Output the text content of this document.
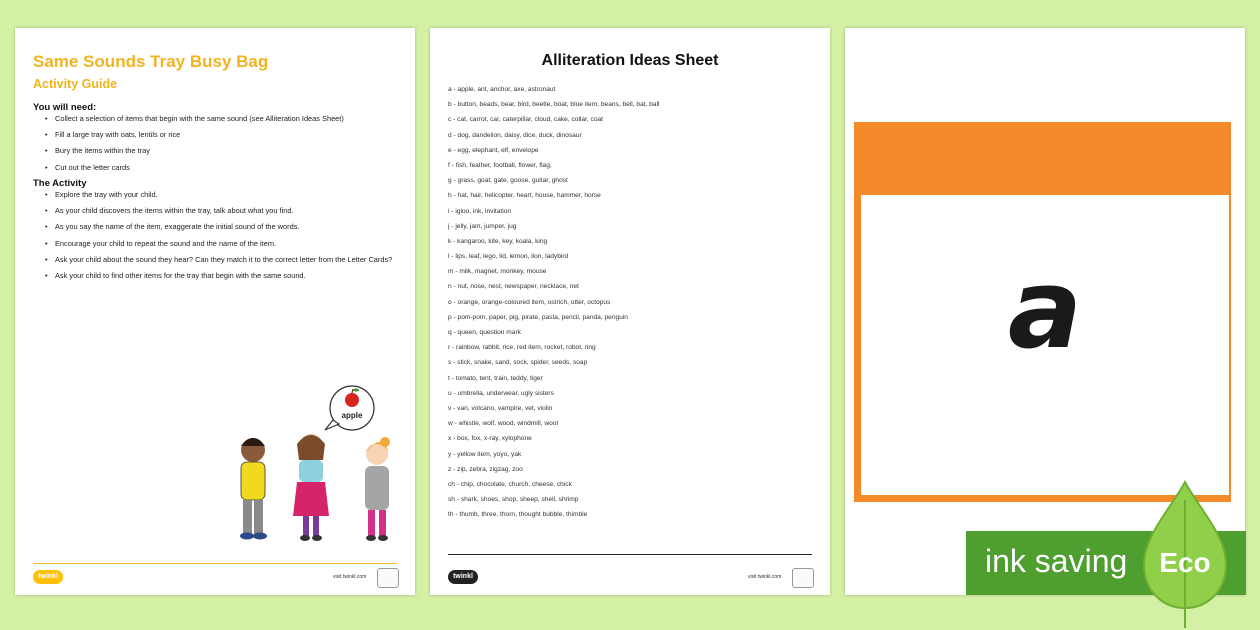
Same Sounds Tray Busy Bag
Activity Guide
You will need:
• Collect a selection of items that begin with the same sound (see Alliteration Ideas Sheet)
• Fill a large tray with oats, lentils or rice
• Bury the items within the tray
• Cut out the letter cards
The Activity
• Explore the tray with your child.
• As your child discovers the items within the tray, talk about what you find.
• As you say the name of the item, exaggerate the initial sound of the words.
• Encourage your child to repeat the sound and the name of the item.
• Ask your child about the sound they hear? Can they match it to the correct letter from the Letter Cards?
• Ask your child to find other items for the tray that begin with the same sound.
apple
twinkl	visit twinkl.com
Alliteration Ideas Sheet
a - apple, ant, anchor, axe, astronaut
b - button, beads, bear, bird, beetle, boat, blue item, beans, bell, bat, ball
c - cat, carrot, car, caterpillar, cloud, cake, collar, coat
d - dog, dandelion, daisy, dice, duck, dinosaur
e - egg, elephant, elf, envelope
f - fish, feather, football, flower, flag,
g - grass, goat, gate, goose, guitar, ghost
h - hat, hair, helicopter, heart, house, hammer, horse
i - igloo, ink, invitation
j - jelly, jam, jumper, jug
k - kangaroo, kite, key, koala, king
l - lips, leaf, lego, lid, lemon, lion, ladybird
m - milk, magnet, monkey, mouse
n - nut, nose, nest, newspaper, necklace, net
o - orange, orange-coloured item, ostrich, otter, octopus
p - pom-pom, paper, pig, pirate, pasta, pencil, panda, penguin
q - queen, question mark
r - rainbow, rabbit, rice, red item, rocket, robot, ring
s - stick, snake, sand, sock, spider, seeds, soap
t - tomato, tent, train, teddy, tiger
u - umbrella, underwear, ugly sisters
v - van, volcano, vampire, vet, violin
w - whistle, wolf, wood, windmill, wool
x - box, fox, x-ray, xylophone
y - yellow item, yoyo, yak
z - zip, zebra, zigzag, zoo
ch - chip, chocolate, church, cheese, chick
sh - shark, shoes, shop, sheep, shell, shrimp
th - thumb, three, thorn, thought bubble, thimble
twinkl	visit twinkl.com
a
ink saving Eco
